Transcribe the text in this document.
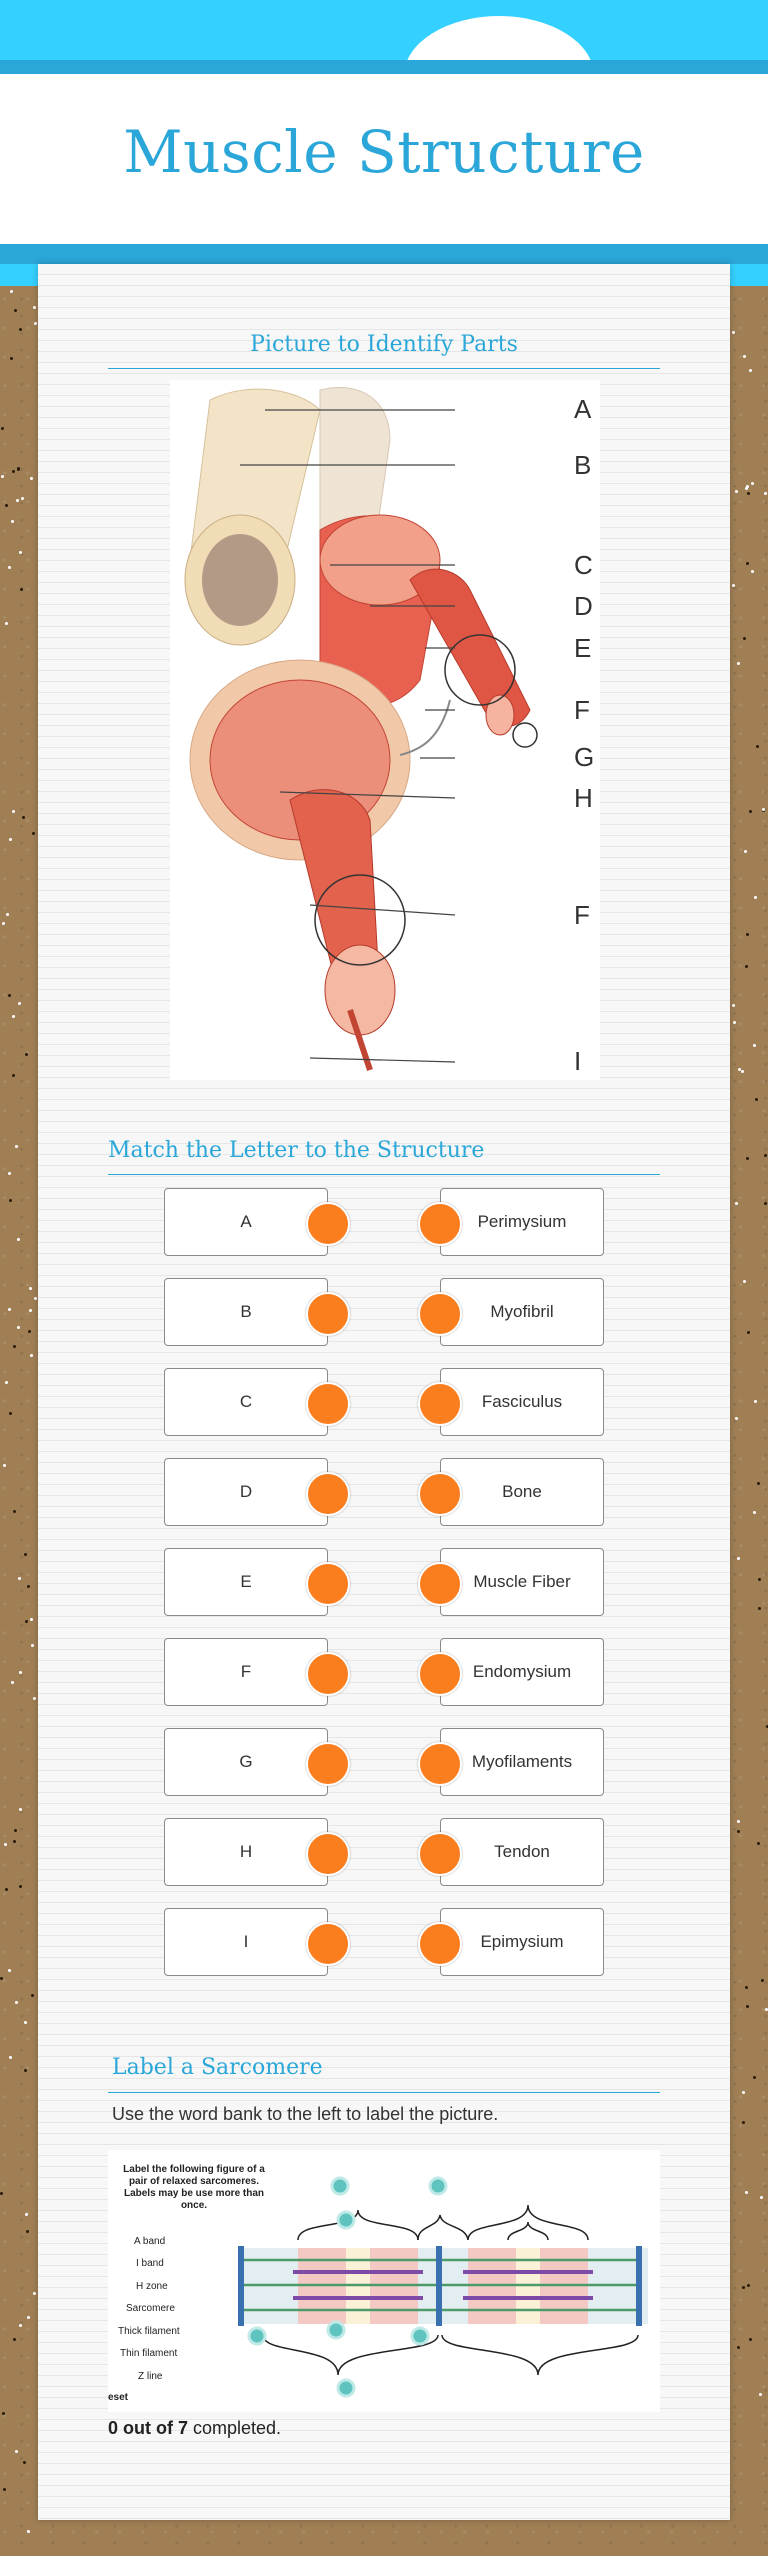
Muscle Structure
Picture to Identify Parts
A
B
C
D
E
F
G
H
F
I
Match the Letter to the Structure
A	Perimysium
B	Myofibril
C	Fasciculus
D	Bone
E	Muscle Fiber
F	Endomysium
G	Myofilaments
H	Tendon
I	Epimysium
Label a Sarcomere
Use the word bank to the left to label the picture.
Label the following figure of a pair of relaxed sarcomeres. Labels may be use more than once.
A band
I band
H zone
Sarcomere
Thick filament
Thin filament
Z line
eset
0 out of 7 completed.
